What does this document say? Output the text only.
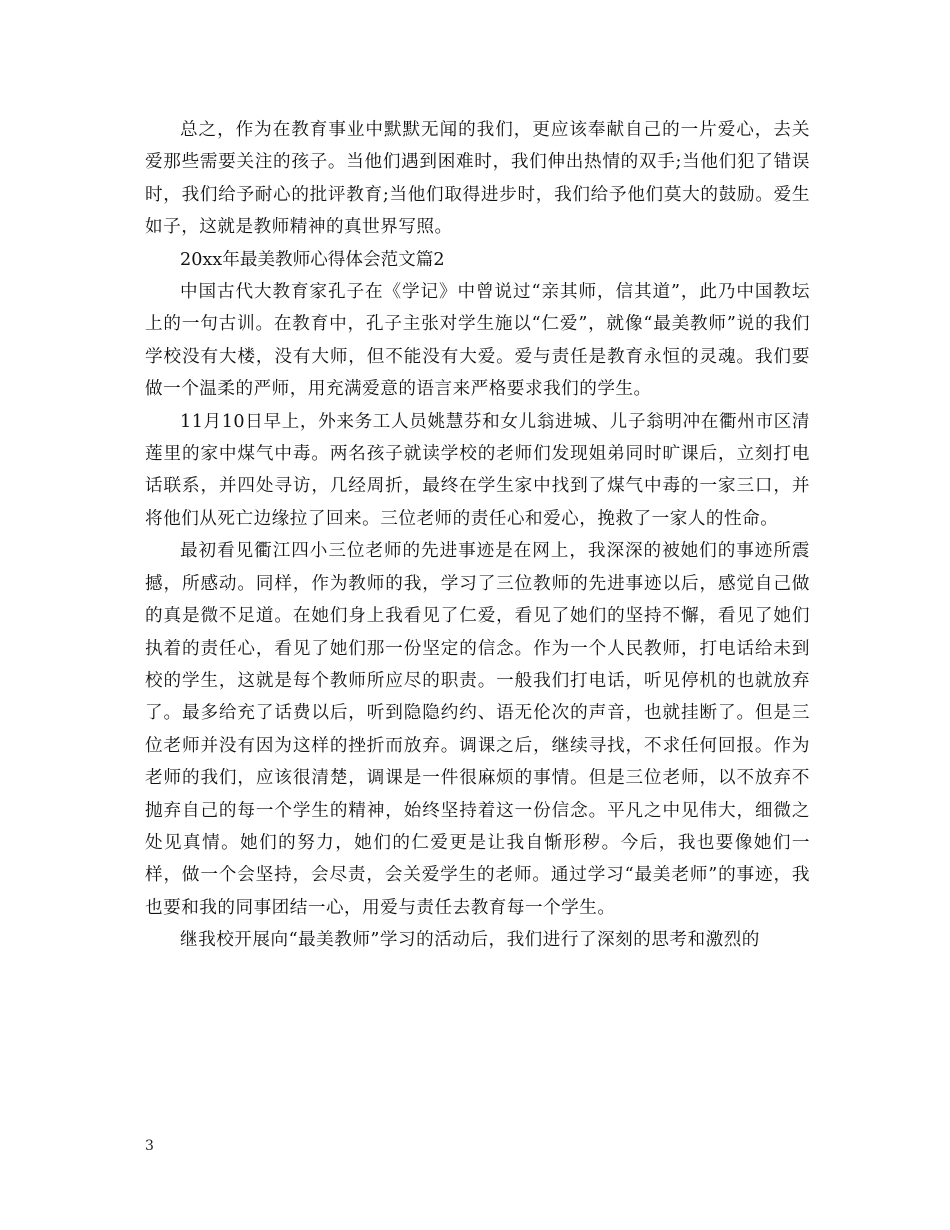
总之，作为在教育事业中默默无闻的我们，更应该奉献自己的一片爱心，去关爱那些需要关注的孩子。当他们遇到困难时，我们伸出热情的双手;当他们犯了错误时，我们给予耐心的批评教育;当他们取得进步时，我们给予他们莫大的鼓励。爱生如子，这就是教师精神的真世界写照。

20xx年最美教师心得体会范文篇2

中国古代大教育家孔子在《学记》中曾说过“亲其师，信其道”，此乃中国教坛上的一句古训。在教育中，孔子主张对学生施以“仁爱”，就像“最美教师”说的我们学校没有大楼，没有大师，但不能没有大爱。爱与责任是教育永恒的灵魂。我们要做一个温柔的严师，用充满爱意的语言来严格要求我们的学生。

11月10日早上，外来务工人员姚慧芬和女儿翁进城、儿子翁明冲在衢州市区清莲里的家中煤气中毒。两名孩子就读学校的老师们发现姐弟同时旷课后，立刻打电话联系，并四处寻访，几经周折，最终在学生家中找到了煤气中毒的一家三口，并将他们从死亡边缘拉了回来。三位老师的责任心和爱心，挽救了一家人的性命。

最初看见衢江四小三位老师的先进事迹是在网上，我深深的被她们的事迹所震撼，所感动。同样，作为教师的我，学习了三位教师的先进事迹以后，感觉自己做的真是微不足道。在她们身上我看见了仁爱，看见了她们的坚持不懈，看见了她们执着的责任心，看见了她们那一份坚定的信念。作为一个人民教师，打电话给未到校的学生，这就是每个教师所应尽的职责。一般我们打电话，听见停机的也就放弃了。最多给充了话费以后，听到隐隐约约、语无伦次的声音，也就挂断了。但是三位老师并没有因为这样的挫折而放弃。调课之后，继续寻找，不求任何回报。作为老师的我们，应该很清楚，调课是一件很麻烦的事情。但是三位老师，以不放弃不抛弃自己的每一个学生的精神，始终坚持着这一份信念。平凡之中见伟大，细微之处见真情。她们的努力，她们的仁爱更是让我自惭形秽。今后，我也要像她们一样，做一个会坚持，会尽责，会关爱学生的老师。通过学习“最美老师”的事迹，我也要和我的同事团结一心，用爱与责任去教育每一个学生。

继我校开展向“最美教师”学习的活动后，我们进行了深刻的思考和激烈的

3
